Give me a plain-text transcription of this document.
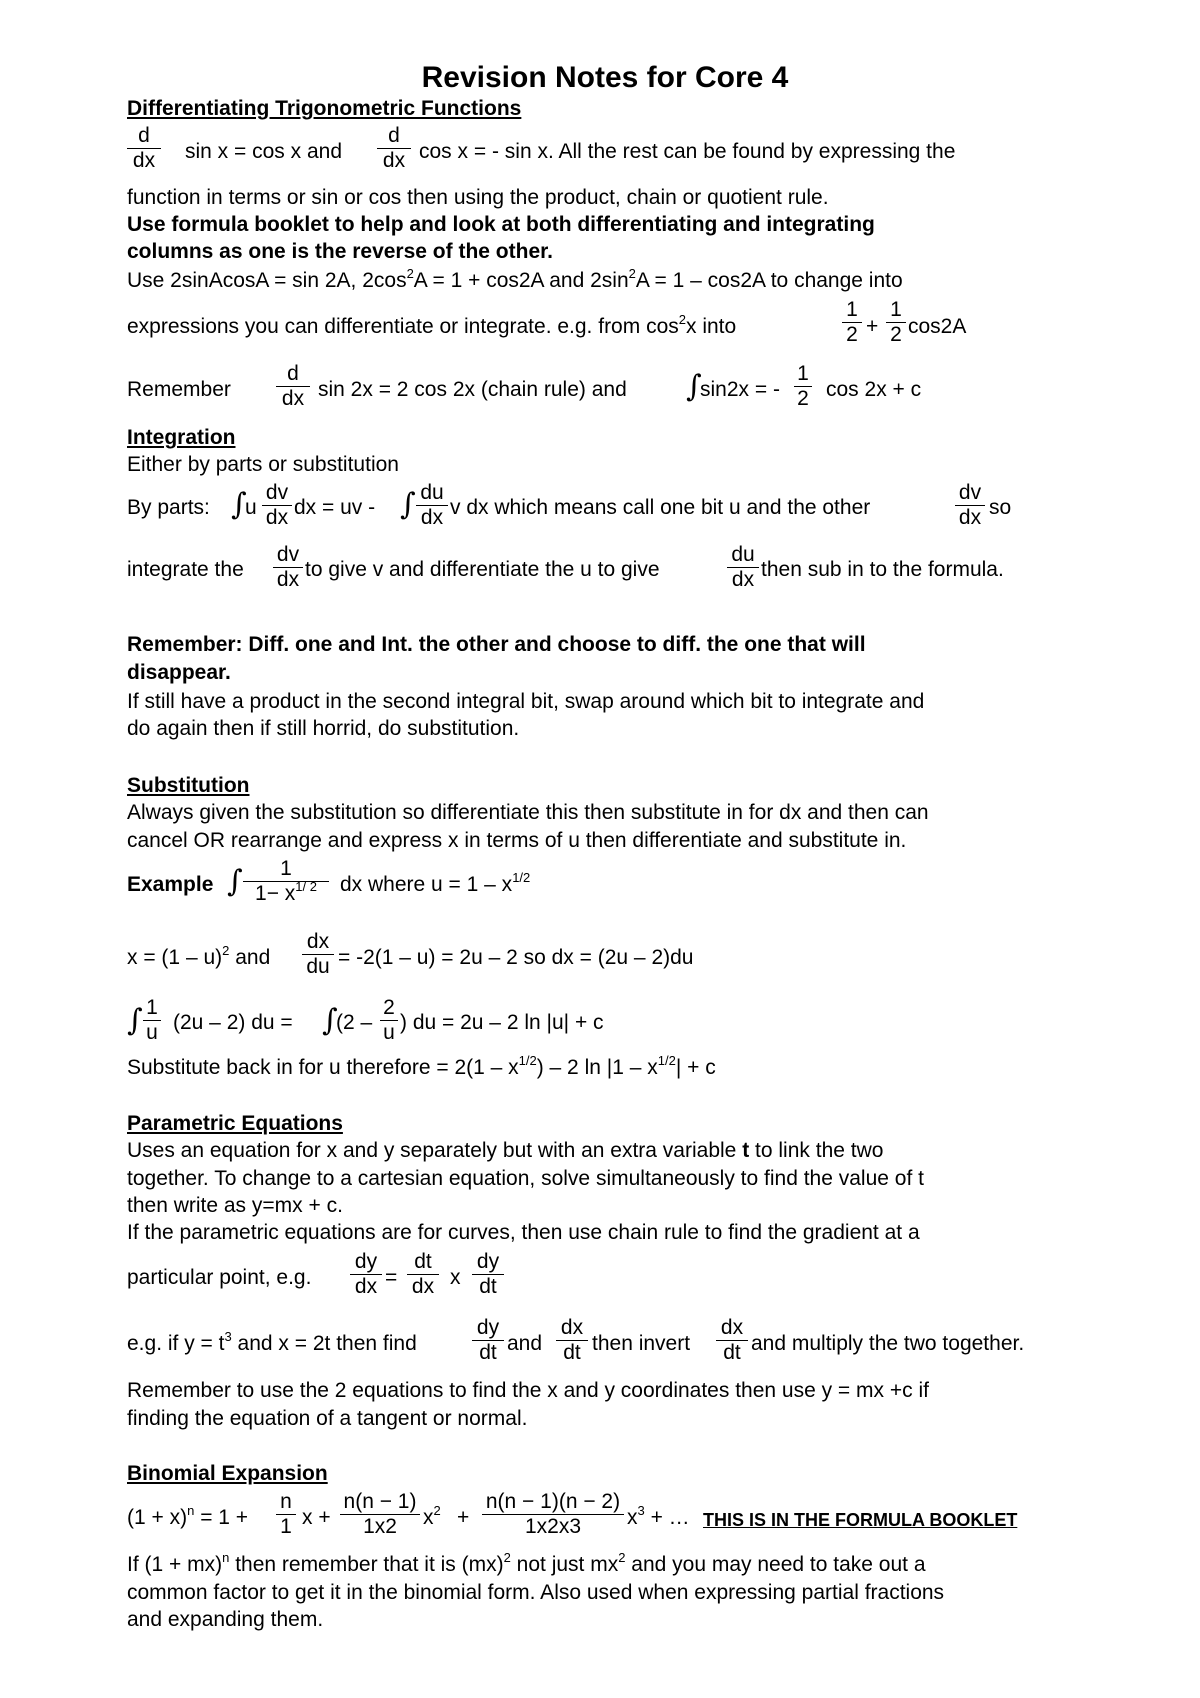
Revision Notes for Core 4
Differentiating Trigonometric Functions
$\frac{d}{dx}$ sin x = cos x and $\frac{d}{dx}$ cos x = - sin x. All the rest can be found by expressing the
function in terms or sin or cos then using the product, chain or quotient rule.
Use formula booklet to help and look at both differentiating and integrating
columns as one is the reverse of the other.
Use 2sinAcosA = sin 2A, $2\cos^2A = 1 + \cos 2A$ and $2\sin^2A = 1 - \cos 2A$ to change into
expressions you can differentiate or integrate. e.g. from $\cos^2x$ into	$\frac{1}{2} + \frac{1}{2} \cos 2A$
Remember $\frac{d}{dx}$ sin 2x = 2 cos 2x (chain rule) and ∫
sin2x = - $\frac{1}{2}$ cos 2x + c
Integration
Either by parts or substitution
By parts: ∫
u $\frac{dv}{dx}$ dx = uv - ∫ $\frac{du}{dx}$ v dx which means call one bit u and the other	$\frac{dv}{dx}$ so
integrate the $\frac{dv}{dx}$ to give v and differentiate the u to give	$\frac{du}{dx}$ then sub in to the formula.
Remember: Diff. one and Int. the other and choose to diff. the one that will
disappear.
If still have a product in the second integral bit, swap around which bit to integrate and
do again then if still horrid, do substitution.
Substitution
Always given the substitution so differentiate this then substitute in for dx and then can
cancel OR rearrange and express x in terms of u then differentiate and substitute in.
Example ∫ $\frac{1}{1- x^{1/ 2}}$ dx where $u = 1 - x^{1/2}$
x = (1 – u)$^2$ and $\frac{dx}{du} = -2(1 - u) = 2u - 2$ so dx = (2u – 2)du
∫ $\frac{1}{u} (2u - 2)$ du = ∫
($2 - \frac{2}{u}$ ) du = 2u – 2 ln |u| + c
Substitute back in for u therefore = $2(1 - x^{1/2}) - 2$ $\ln |1 - x^{1/2}| + c$
Parametric Equations
Uses an equation for x and y separately but with an extra variable t to link the two
together. To change to a cartesian equation, solve simultaneously to find the value of t
then write as y=mx + c.
If the parametric equations are for curves, then use chain rule to find the gradient at a
particular point, e.g. $\frac{dy}{dx} = \frac{dt}{dx}$ x $\frac{dy}{dt}$
e.g. if $y = t^3$ and x = 2t then find	$\frac{dy}{dt}$ and $\frac{dx}{dt}$ then invert $\frac{dx}{dt}$ and multiply the two together.
Remember to use the 2 equations to find the x and y coordinates then use y = mx +c if
finding the equation of a tangent or normal.
Binomial Expansion
$(1 + x)^n = 1 + \frac{n}{1}$ $x + \frac{n(n - 1)}{1x2} x^2 + \frac{n(n - 1)(n - 2)}{1x2x3} x^3$ + … THIS IS IN THE FORMULA BOOKLET
If (1 + mx)$^n$ then remember that it is (mx)$^2$ not just $mx^2$ and you may need to take out a
common factor to get it in the binomial form. Also used when expressing partial fractions
and expanding them.
